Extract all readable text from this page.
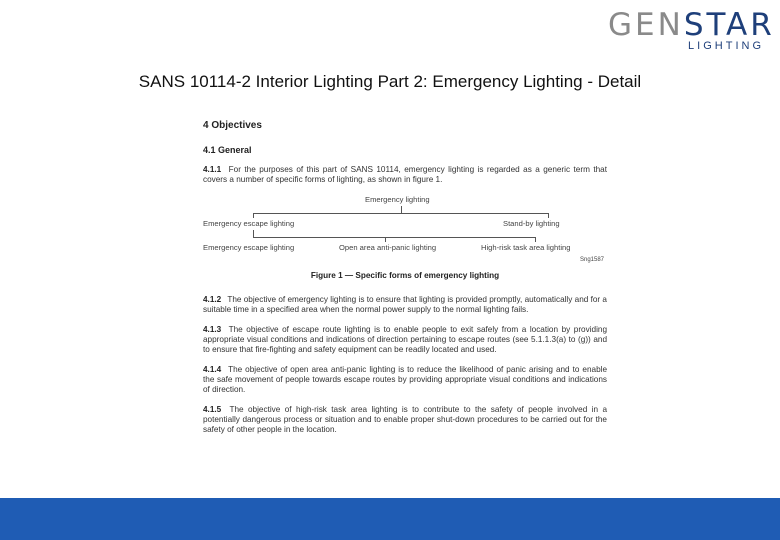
GENSTAR
LIGHTING
SANS 10114-2 Interior Lighting Part 2: Emergency Lighting - Detail
4 Objectives
4.1 General
4.1.1 For the purposes of this part of SANS 10114, emergency lighting is regarded as a generic term that covers a number of specific forms of lighting, as shown in figure 1.
Emergency lighting
Emergency escape lighting	Stand-by lighting
Emergency escape lighting	Open area anti-panic lighting	High-risk task area lighting
Sng1587
Figure 1 — Specific forms of emergency lighting
4.1.2 The objective of emergency lighting is to ensure that lighting is provided promptly, automatically and for a suitable time in a specified area when the normal power supply to the normal lighting fails.
4.1.3 The objective of escape route lighting is to enable people to exit safely from a location by providing appropriate visual conditions and indications of direction pertaining to escape routes (see 5.1.1.3(a) to (g)) and to ensure that fire-fighting and safety equipment can be readily located and used.
4.1.4 The objective of open area anti-panic lighting is to reduce the likelihood of panic arising and to enable the safe movement of people towards escape routes by providing appropriate visual conditions and indications of direction.
4.1.5 The objective of high-risk task area lighting is to contribute to the safety of people involved in a potentially dangerous process or situation and to enable proper shut-down procedures to be carried out for the safety of other people in the location.
